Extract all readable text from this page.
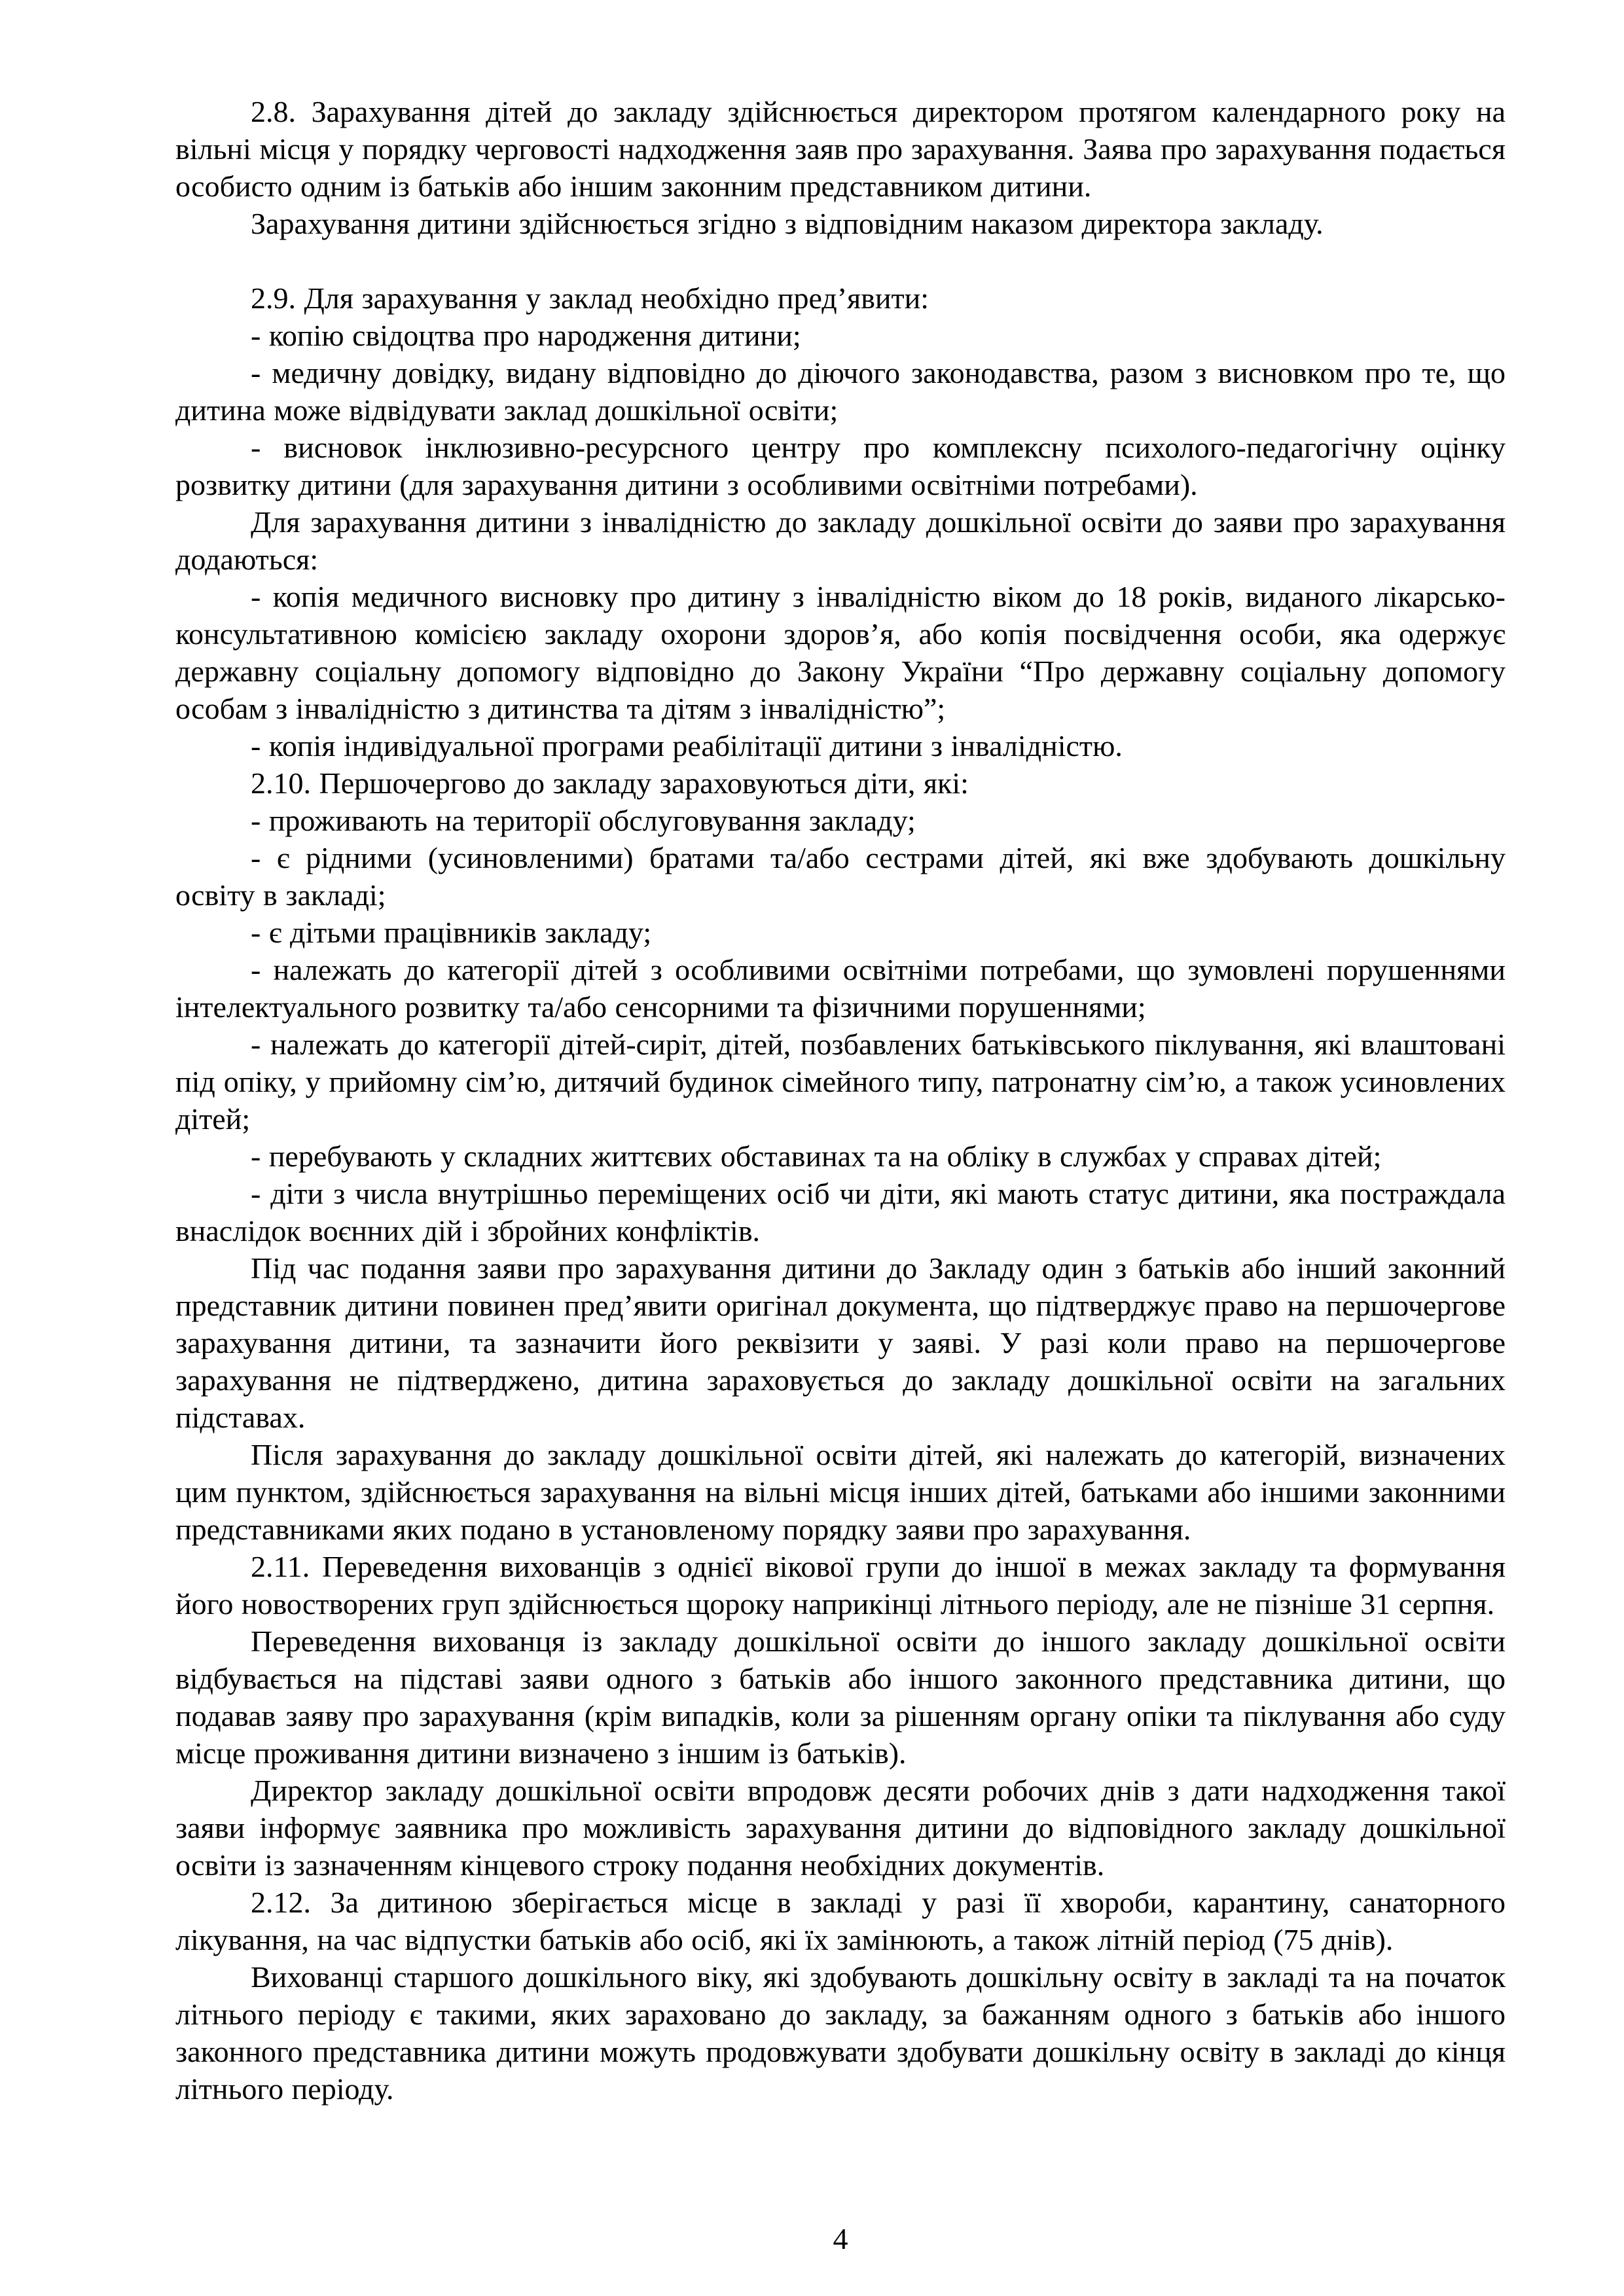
2.8. Зарахування дітей до закладу здійснюється директором протягом календарного року на вільні місця у порядку черговості надходження заяв про зарахування. Заява про зарахування подається особисто одним із батьків або іншим законним представником дитини.

Зарахування дитини здійснюється згідно з відповідним наказом директора закладу.

2.9. Для зарахування у заклад необхідно пред’явити:

- копію свідоцтва про народження дитини;

- медичну довідку, видану відповідно до діючого законодавства, разом з висновком про те, що дитина може відвідувати заклад дошкільної освіти;

- висновок інклюзивно-ресурсного центру про комплексну психолого-педагогічну оцінку розвитку дитини (для зарахування дитини з особливими освітніми потребами).

Для зарахування дитини з інвалідністю до закладу дошкільної освіти до заяви про зарахування додаються:

- копія медичного висновку про дитину з інвалідністю віком до 18 років, виданого лікарсько-консультативною комісією закладу охорони здоров’я, або копія посвідчення особи, яка одержує державну соціальну допомогу відповідно до Закону України “Про державну соціальну допомогу особам з інвалідністю з дитинства та дітям з інвалідністю”;

- копія індивідуальної програми реабілітації дитини з інвалідністю.

2.10. Першочергово до закладу зараховуються діти, які:

- проживають на території обслуговування закладу;

- є рідними (усиновленими) братами та/або сестрами дітей, які вже здобувають дошкільну освіту в закладі;

- є дітьми працівників закладу;

- належать до категорії дітей з особливими освітніми потребами, що зумовлені порушеннями інтелектуального розвитку та/або сенсорними та фізичними порушеннями;

- належать до категорії дітей-сиріт, дітей, позбавлених батьківського піклування, які влаштовані під опіку, у прийомну сім’ю, дитячий будинок сімейного типу, патронатну сім’ю, а також усиновлених дітей;

- перебувають у складних життєвих обставинах та на обліку в службах у справах дітей;

- діти з числа внутрішньо переміщених осіб чи діти, які мають статус дитини, яка постраждала внаслідок воєнних дій і збройних конфліктів.

Під час подання заяви про зарахування дитини до Закладу один з батьків або інший законний представник дитини повинен пред’явити оригінал документа, що підтверджує право на першочергове зарахування дитини, та зазначити його реквізити у заяві. У разі коли право на першочергове зарахування не підтверджено, дитина зараховується до закладу дошкільної освіти на загальних підставах.

Після зарахування до закладу дошкільної освіти дітей, які належать до категорій, визначених цим пунктом, здійснюється зарахування на вільні місця інших дітей, батьками або іншими законними представниками яких подано в установленому порядку заяви про зарахування.

2.11. Переведення вихованців з однієї вікової групи до іншої в межах закладу та формування його новостворених груп здійснюється щороку наприкінці літнього періоду, але не пізніше 31 серпня.

Переведення вихованця із закладу дошкільної освіти до іншого закладу дошкільної освіти відбувається на підставі заяви одного з батьків або іншого законного представника дитини, що подавав заяву про зарахування (крім випадків, коли за рішенням органу опіки та піклування або суду місце проживання дитини визначено з іншим із батьків).

Директор закладу дошкільної освіти впродовж десяти робочих днів з дати надходження такої заяви інформує заявника про можливість зарахування дитини до відповідного закладу дошкільної освіти із зазначенням кінцевого строку подання необхідних документів.

2.12. За дитиною зберігається місце в закладі у разі її хвороби, карантину, санаторного лікування, на час відпустки батьків або осіб, які їх замінюють, а також літній період (75 днів).

Вихованці старшого дошкільного віку, які здобувають дошкільну освіту в закладі та на початок літнього періоду є такими, яких зараховано до закладу, за бажанням одного з батьків або іншого законного представника дитини можуть продовжувати здобувати дошкільну освіту в закладі до кінця літнього періоду.

4
